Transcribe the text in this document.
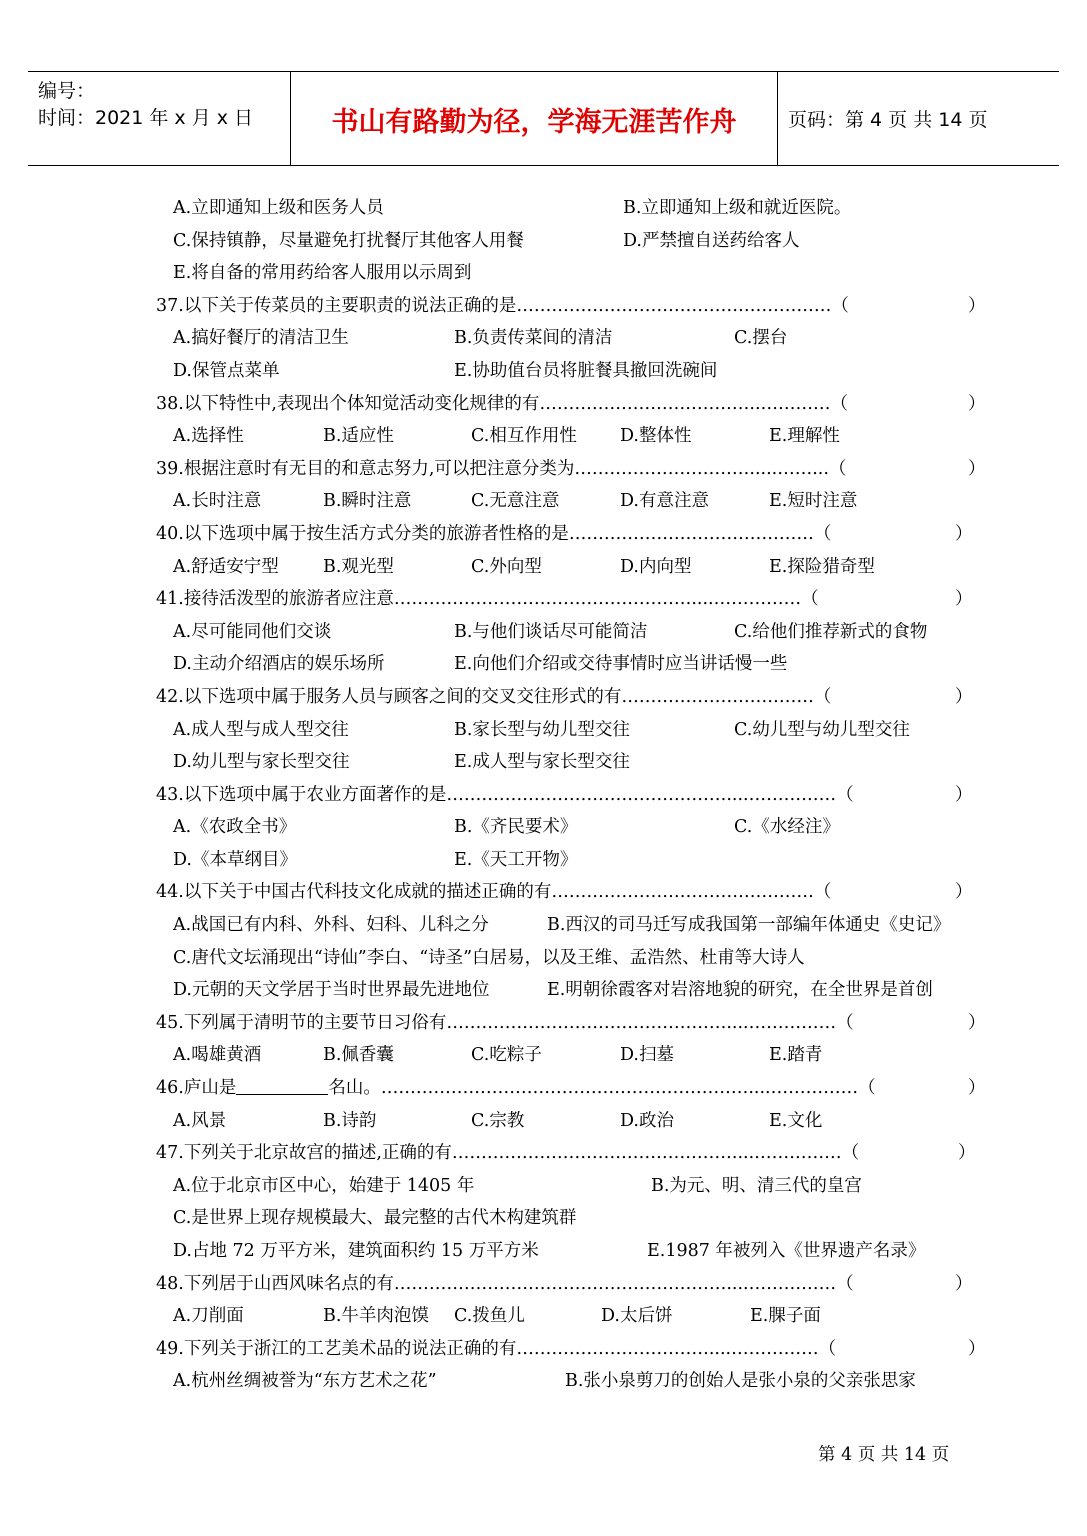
编号：
时间：2021 年 x 月 x 日	书山有路勤为径，学海无涯苦作舟	页码：第 4 页 共 14 页
A.立即通知上级和医务人员	B.立即通知上级和就近医院。
C.保持镇静，尽量避免打扰餐厅其他客人用餐	D.严禁擅自送药给客人
E.将自备的常用药给客人服用以示周到
37.以下关于传菜员的主要职责的说法正确的是………………………………………………（	）
A.搞好餐厅的清洁卫生	B.负责传菜间的清洁	C.摆台
D.保管点菜单	E.协助值台员将脏餐具撤回洗碗间
38.以下特性中,表现出个体知觉活动变化规律的有………………………………..…………（	）
A.选择性	B.适应性	C.相互作用性 D.整体性	E.理解性
39.根据注意时有无目的和意志努力,可以把注意分类为………………………….....……...（	）
A.长时注意	B.瞬时注意	C.无意注意	D.有意注意	E.短时注意
40.以下选项中属于按生活方式分类的旅游者性格的是……………………………………（	）
A.舒适安宁型	B.观光型	C.外向型	D.内向型	E.探险猎奇型
41.接待活泼型的旅游者应注意……………………………………………....……………（	）
A.尽可能同他们交谈	B.与他们谈话尽可能简洁	C.给他们推荐新式的食物
D.主动介绍酒店的娱乐场所	E.向他们介绍或交待事情时应当讲话慢一些
42.以下选项中属于服务人员与顾客之间的交叉交往形式的有……………………………（	）
A.成人型与成人型交往	B.家长型与幼儿型交往	C.幼儿型与幼儿型交往
D.幼儿型与家长型交往	E.成人型与家长型交往
43.以下选项中属于农业方面著作的是…………………………………………....……………（	）
A.《农政全书》	B.《齐民要术》	C.《水经注》
D.《本草纲目》	E.《天工开物》
44.以下关于中国古代科技文化成就的描述正确的有………………………………………（	）
A.战国已有内科、外科、妇科、儿科之分	B.西汉的司马迁写成我国第一部编年体通史《史记》
C.唐代文坛涌现出“诗仙”李白、“诗圣”白居易，以及王维、孟浩然、杜甫等大诗人
D.元朝的天文学居于当时世界最先进地位	E.明朝徐霞客对岩溶地貌的研究，在全世界是首创
45.下列属于清明节的主要节日习俗有…………………………………………....……………（	）
A.喝雄黄酒	B.佩香囊	C.吃粽子	D.扫墓	E.踏青
46.庐山是	名山。………………………………………………………....……………（	）
A.风景	B.诗韵	C.宗教	D.政治	E.文化
47.下列关于北京故宫的描述,正确的有…………………………………………....……………（	）
A.位于北京市区中心，始建于 1405 年	B.为元、明、清三代的皇宫
C.是世界上现存规模最大、最完整的古代木构建筑群
D.占地 72 万平方米，建筑面积约 15 万平方米	E.1987 年被列入《世界遗产名录》
48.下列居于山西风味名点的有…………………………………………………....……………（	）
A.刀削面	B.牛羊肉泡馍 C.拨鱼儿	D.太后饼	E.腂子面
49.下列关于浙江的工艺美术品的说法正确的有……………………………....……………（	）
A.杭州丝绸被誉为“东方艺术之花”	B.张小泉剪刀的创始人是张小泉的父亲张思家
第 4 页 共 14 页
